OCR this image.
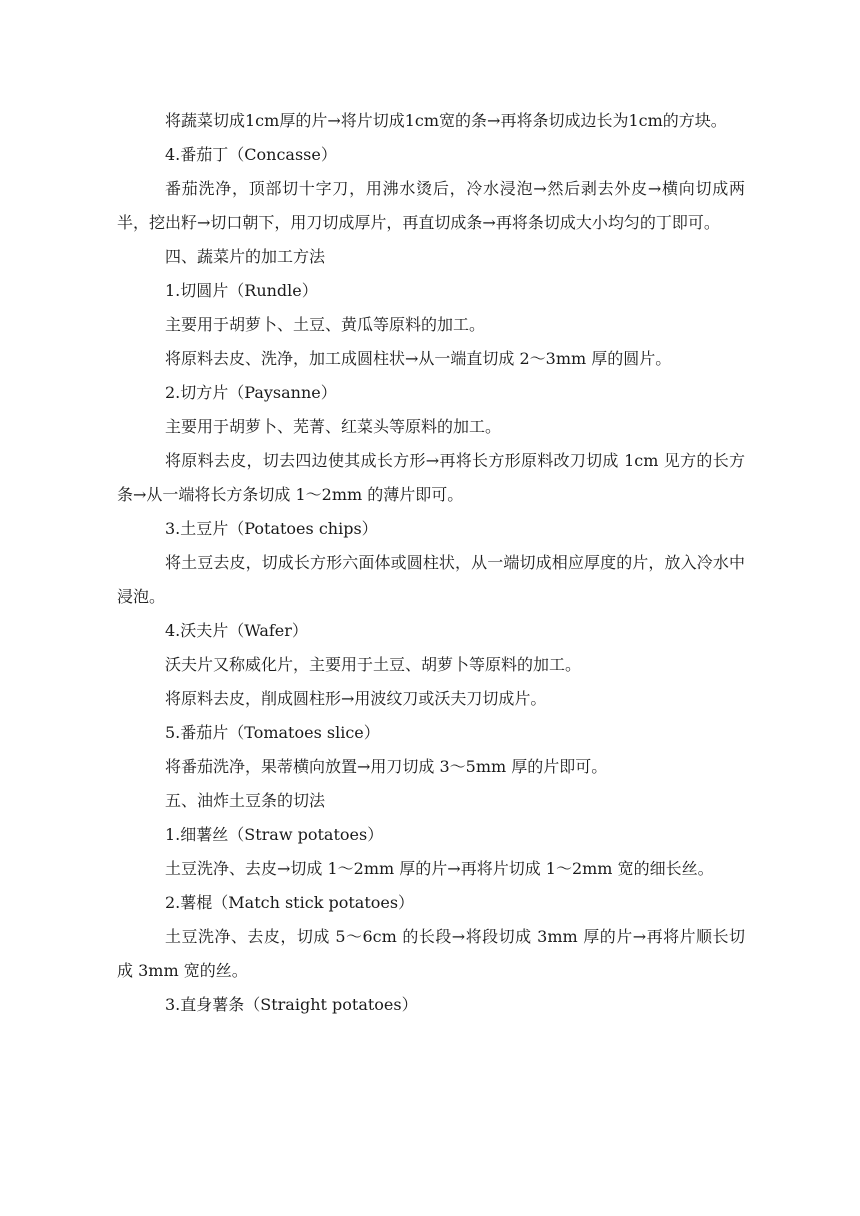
将蔬菜切成1cm厚的片→将片切成1cm宽的条→再将条切成边长为1cm的方块。

4.番茄丁（Concasse）

番茄洗净，顶部切十字刀，用沸水烫后，冷水浸泡→然后剥去外皮→横向切成两半，挖出籽→切口朝下，用刀切成厚片，再直切成条→再将条切成大小均匀的丁即可。

四、蔬菜片的加工方法

1.切圆片（Rundle）

主要用于胡萝卜、土豆、黄瓜等原料的加工。

将原料去皮、洗净，加工成圆柱状→从一端直切成 2～3mm 厚的圆片。

2.切方片（Paysanne）

主要用于胡萝卜、芜菁、红菜头等原料的加工。

将原料去皮，切去四边使其成长方形→再将长方形原料改刀切成 1cm 见方的长方条→从一端将长方条切成 1～2mm 的薄片即可。

3.土豆片（Potatoes chips）

将土豆去皮，切成长方形六面体或圆柱状，从一端切成相应厚度的片，放入冷水中浸泡。

4.沃夫片（Wafer）

沃夫片又称威化片，主要用于土豆、胡萝卜等原料的加工。

将原料去皮，削成圆柱形→用波纹刀或沃夫刀切成片。

5.番茄片（Tomatoes slice）

将番茄洗净，果蒂横向放置→用刀切成 3～5mm 厚的片即可。

五、油炸土豆条的切法

1.细薯丝（Straw potatoes）

土豆洗净、去皮→切成 1～2mm 厚的片→再将片切成 1～2mm 宽的细长丝。

2.薯棍（Match stick potatoes）

土豆洗净、去皮，切成 5～6cm 的长段→将段切成 3mm 厚的片→再将片顺长切成 3mm 宽的丝。

3.直身薯条（Straight potatoes）
